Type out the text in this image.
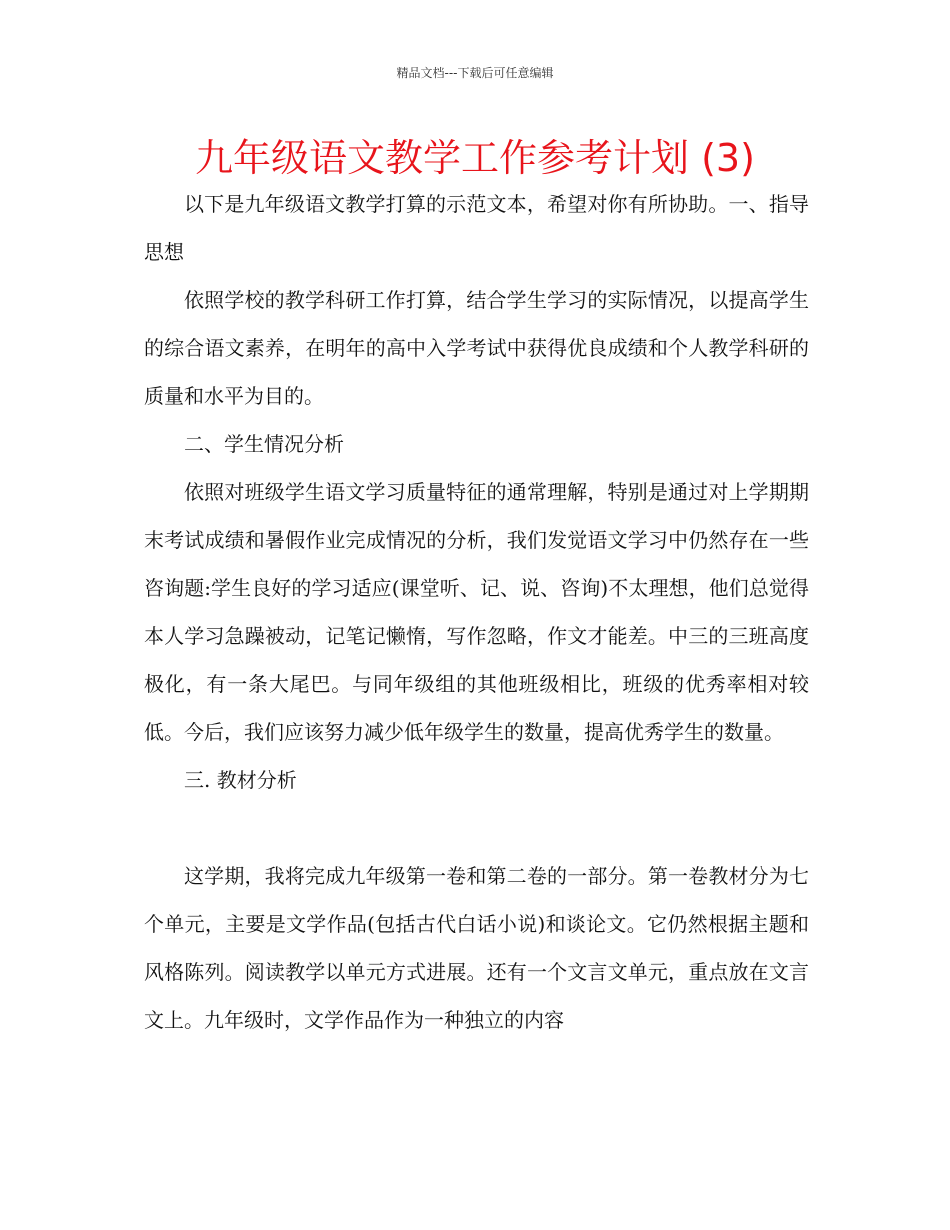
精品文档---下载后可任意编辑
九年级语文教学工作参考计划 (3)

以下是九年级语文教学打算的示范文本，希望对你有所协助。一、指导思想

依照学校的教学科研工作打算，结合学生学习的实际情况，以提高学生的综合语文素养，在明年的高中入学考试中获得优良成绩和个人教学科研的质量和水平为目的。

二、学生情况分析

依照对班级学生语文学习质量特征的通常理解，特别是通过对上学期期末考试成绩和暑假作业完成情况的分析，我们发觉语文学习中仍然存在一些咨询题:学生良好的学习适应(课堂听、记、说、咨询)不太理想，他们总觉得本人学习急躁被动，记笔记懒惰，写作忽略，作文才能差。中三的三班高度极化，有一条大尾巴。与同年级组的其他班级相比，班级的优秀率相对较低。今后，我们应该努力减少低年级学生的数量，提高优秀学生的数量。

三. 教材分析

这学期，我将完成九年级第一卷和第二卷的一部分。第一卷教材分为七个单元，主要是文学作品(包括古代白话小说)和谈论文。它仍然根据主题和风格陈列。阅读教学以单元方式进展。还有一个文言文单元，重点放在文言文上。九年级时，文学作品作为一种独立的内容
